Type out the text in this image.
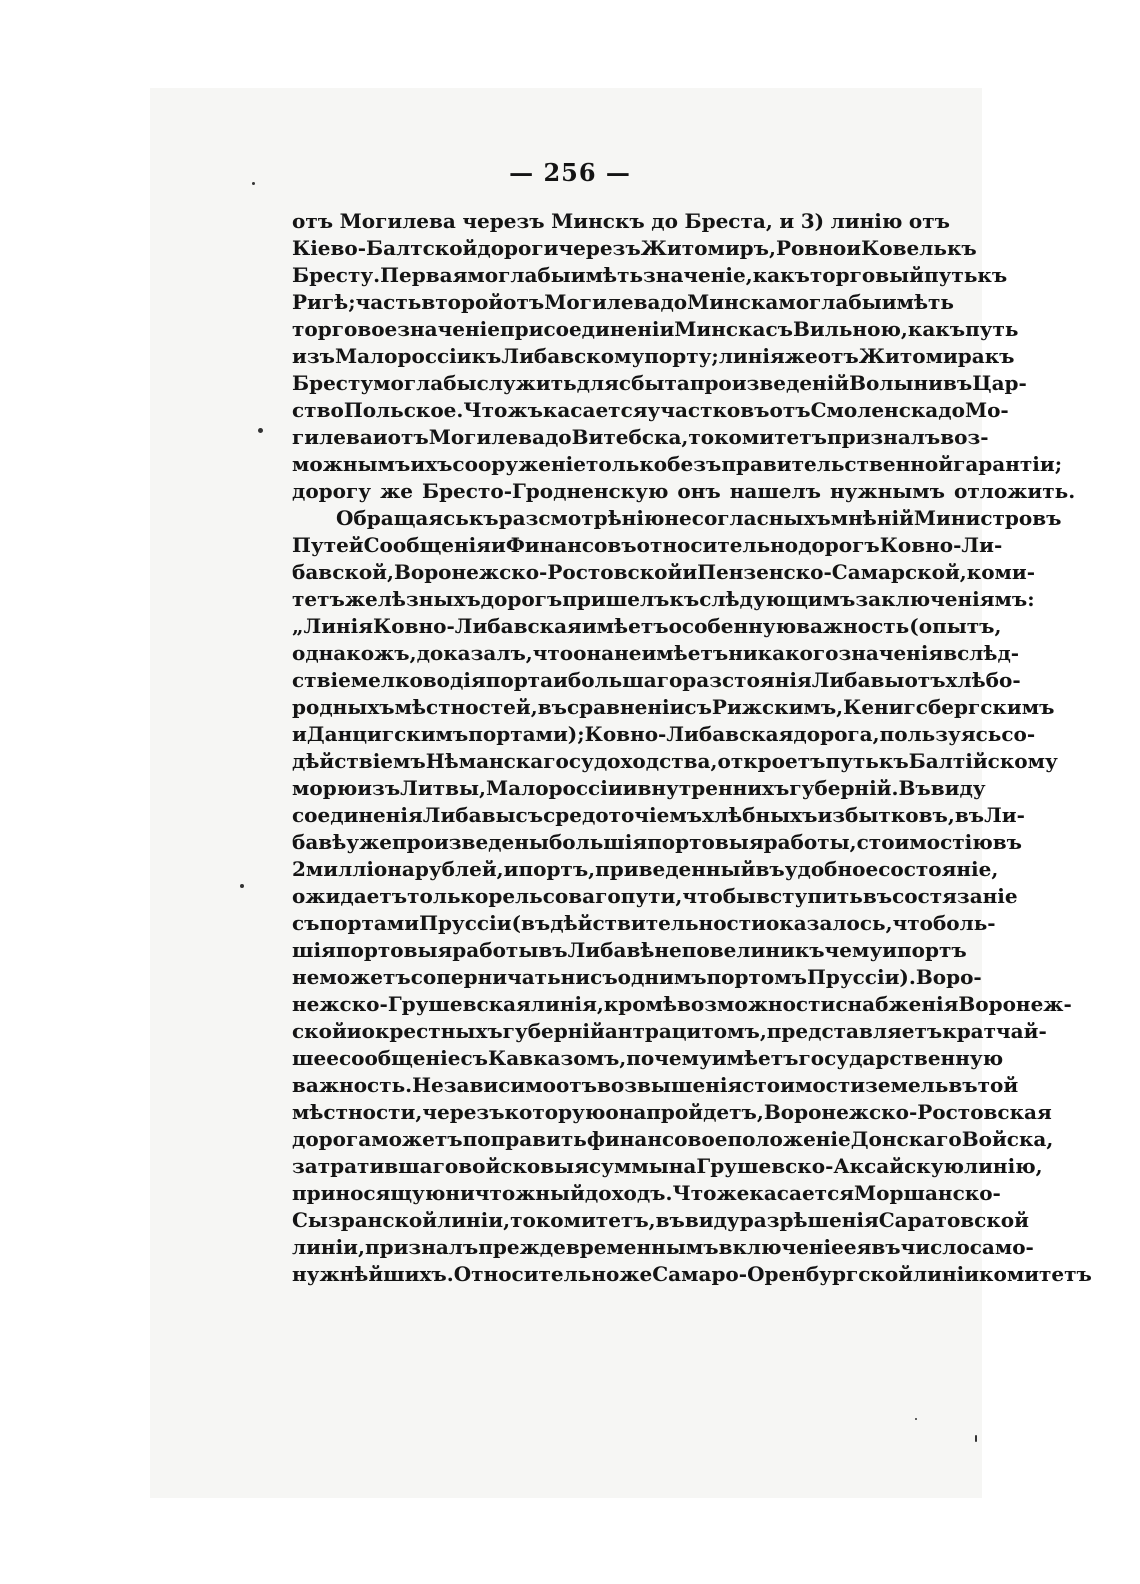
— 256 —
отъ Могилева черезъ Минскъ до Бреста, и 3) линію отъ
Кіево-Балтской дороги черезъ Житомиръ, Ровно и Ковель къ
Бресту. Первая могла бы имѣть значеніе, какъ торговый путь къ
Ригѣ; часть второй отъ Могилева до Минска могла бы имѣть
торговое значеніе при соединеніи Минска съ Вильною, какъ путь
изъ Малороссіи къ Либавскому порту; линія же отъ Житомира къ
Бресту могла бы служить для сбыта произведеній Волыни въ Цар-
ство Польское. Чтожъ касается участковъ отъ Смоленска до Мо-
гилева и отъ Могилева до Витебска, то комитетъ призналъ воз-
можнымъ ихъ сооруженіе только безъ правительственной гарантіи;
дорогу же Бресто-Гродненскую онъ нашелъ нужнымъ отложить.
Обращаясь къ разсмотрѣнію несогласныхъ мнѣній Министровъ
Путей Сообщенія и Финансовъ относительно дорогъ Ковно-Ли-
бавской, Воронежско-Ростовской и Пензенско-Самарской, коми-
тетъ желѣзныхъ дорогъ пришелъ къ слѣдующимъ заключеніямъ:
„Линія Ковно-Либавская имѣетъ особенную важность (опытъ,
однакожъ, доказалъ, что она не имѣетъ никакого значенія вслѣд-
ствіе мелководія порта и большаго разстоянія Либавы отъ хлѣбо-
родныхъ мѣстностей, въ сравненіи съ Рижскимъ, Кенигсбергскимъ
и Данцигскимъ портами); Ковно-Либавская дорога, пользуясь со-
дѣйствіемъ Нѣманскаго судоходства, откроетъ путь къ Балтійскому
морю изъ Литвы, Малороссіи и внутреннихъ губерній. Въ виду
соединенія Либавы съ средоточіемъ хлѣбныхъ избытковъ, въ Ли-
бавѣ уже произведены большія портовыя работы, стоимостію въ
2 милліона рублей, и портъ, приведенный въ удобное состояніе,
ожидаетъ только рельсоваго пути, чтобы вступить въ состязаніе
съ портами Пруссіи (въ дѣйствительности оказалось, что боль-
шія портовыя работы въ Либавѣ не повели ни къ чему и портъ
не можетъ соперничать ни съ однимъ портомъ Пруссіи). Воро-
нежско-Грушевская линія, кромѣ возможности снабженія Воронеж-
ской и окрестныхъ губерній антрацитомъ, представляетъ кратчай-
шее сообщеніе съ Кавказомъ, почему имѣетъ государственную
важность. Независимо отъ возвышенія стоимости земель въ той
мѣстности, черезъ которую она пройдетъ, Воронежско-Ростовская
дорога можетъ поправить финансовое положеніе Донскаго Войска,
затратившаго войсковыя суммы на Грушевско-Аксайскую линію,
приносящую ничтожный доходъ. Что же касается Моршанско-
Сызранской линіи, то комитетъ, въ виду разрѣшенія Саратовской
линіи, призналъ преждевременнымъ включеніе ея въ число само-
нужнѣйшихъ. Относительно же Самаро-Оренбургской линіи комитетъ
